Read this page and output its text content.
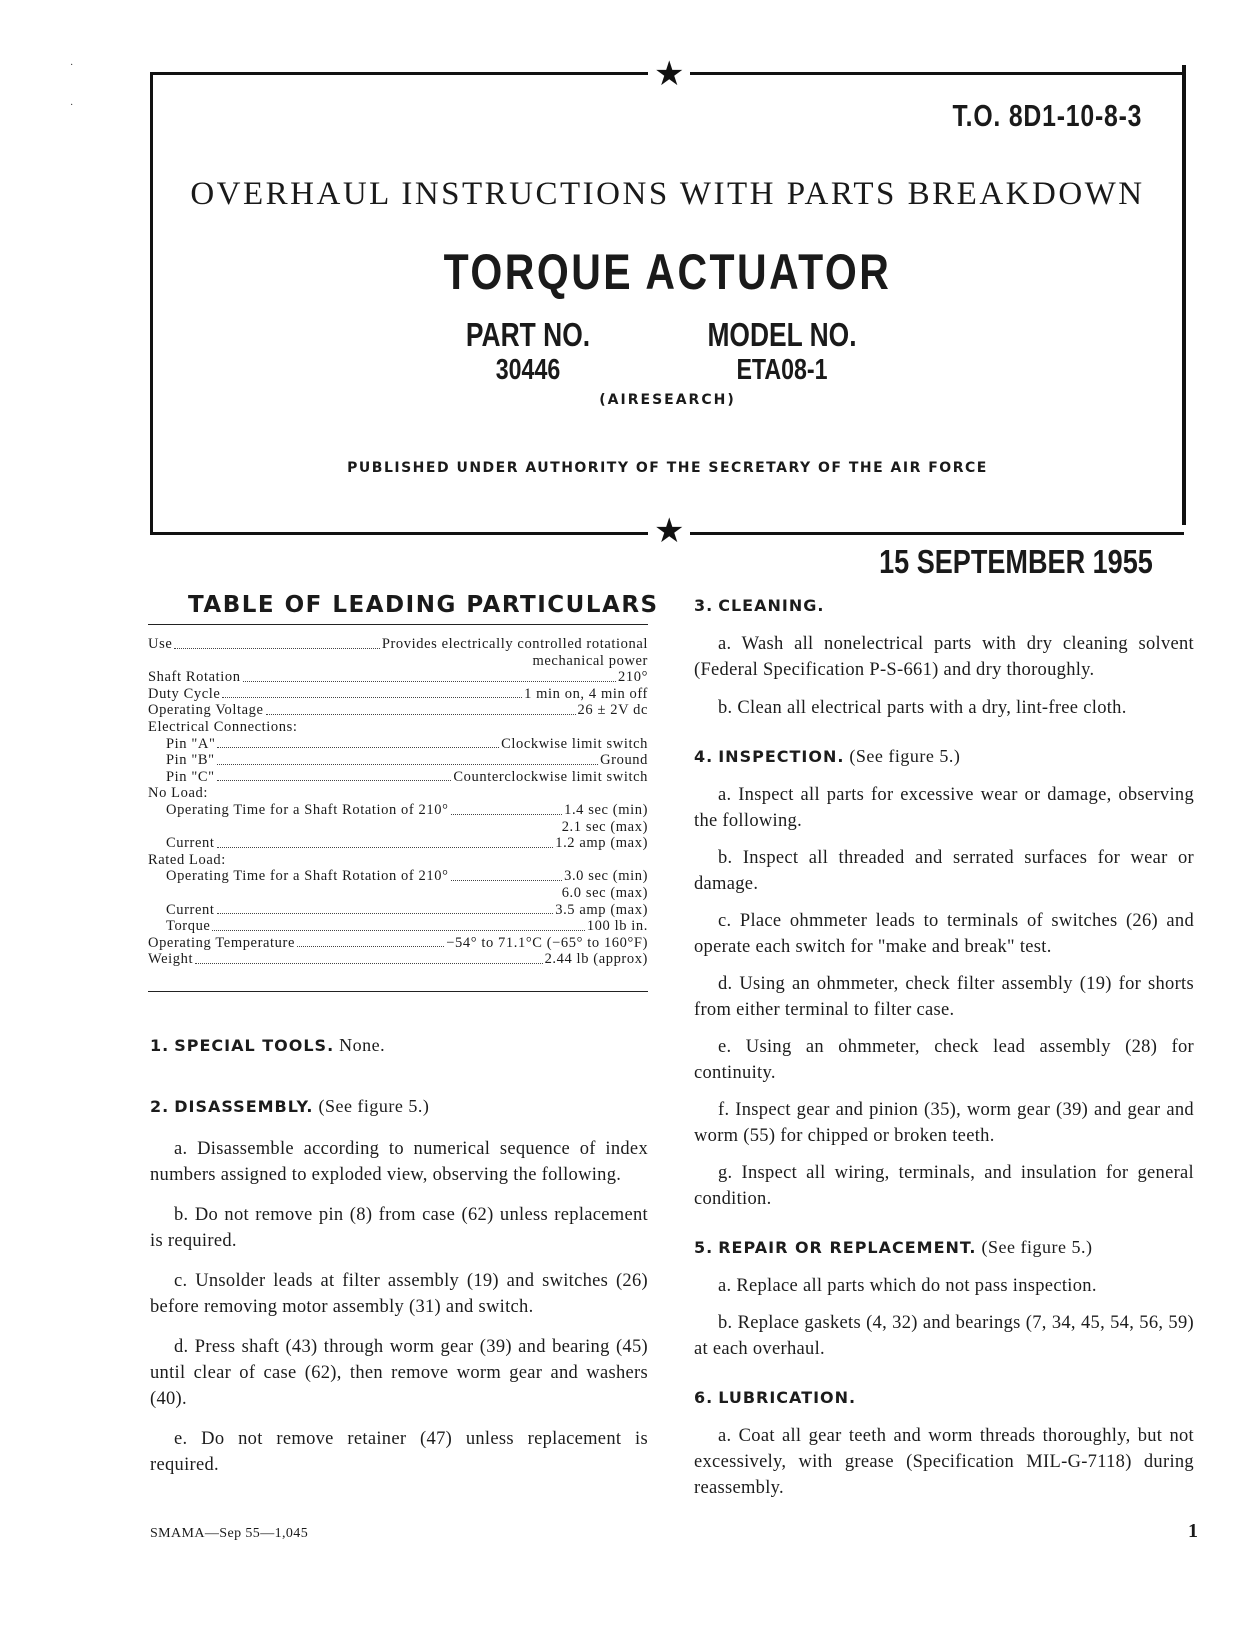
★
★
·
·	T.O. 8D1-10-8-3
OVERHAUL INSTRUCTIONS WITH PARTS BREAKDOWN
TORQUE ACTUATOR
PART NO.
30446
MODEL NO.
ETA08-1
(AIRESEARCH)
PUBLISHED UNDER AUTHORITY OF THE SECRETARY OF THE AIR FORCE
15 SEPTEMBER 1955
TABLE OF LEADING PARTICULARS
Use	Provides electrically controlled rotational
mechanical power
Shaft Rotation	210°
Duty Cycle	1 min on, 4 min off
Operating Voltage	26 ± 2V dc
Electrical Connections:
Pin "A"	Clockwise limit switch
Pin "B"	Ground
Pin "C"	Counterclockwise limit switch
No Load:
Operating Time for a Shaft Rotation of 210°	1.4 sec (min)
2.1 sec (max)
Current	1.2 amp (max)
Rated Load:
Operating Time for a Shaft Rotation of 210°	3.0 sec (min)
6.0 sec (max)
Current	3.5 amp (max)
Torque	100 lb in.
Operating Temperature	−54° to 71.1°C (−65° to 160°F)
Weight	2.44 lb (approx)
1. SPECIAL TOOLS. None.
2. DISASSEMBLY. (See figure 5.)

a. Disassemble according to numerical sequence of index numbers assigned to exploded view, observing the following.

b. Do not remove pin (8) from case (62) unless replacement is required.

c. Unsolder leads at filter assembly (19) and switches (26) before removing motor assembly (31) and switch.

d. Press shaft (43) through worm gear (39) and bearing (45) until clear of case (62), then remove worm gear and washers (40).

e. Do not remove retainer (47) unless replacement is required.

3. CLEANING.

a. Wash all nonelectrical parts with dry cleaning solvent (Federal Specification P-S-661) and dry thoroughly.

b. Clean all electrical parts with a dry, lint-free cloth.

4. INSPECTION. (See figure 5.)

a. Inspect all parts for excessive wear or damage, observing the following.

b. Inspect all threaded and serrated surfaces for wear or damage.

c. Place ohmmeter leads to terminals of switches (26) and operate each switch for "make and break" test.

d. Using an ohmmeter, check filter assembly (19) for shorts from either terminal to filter case.

e. Using an ohmmeter, check lead assembly (28) for continuity.

f. Inspect gear and pinion (35), worm gear (39) and gear and worm (55) for chipped or broken teeth.

g. Inspect all wiring, terminals, and insulation for general condition.

5. REPAIR OR REPLACEMENT. (See figure 5.)

a. Replace all parts which do not pass inspection.

b. Replace gaskets (4, 32) and bearings (7, 34, 45, 54, 56, 59) at each overhaul.

6. LUBRICATION.

a. Coat all gear teeth and worm threads thoroughly, but not excessively, with grease (Specification MIL-G-7118) during reassembly.

SMAMA—Sep 55—1,045	1
